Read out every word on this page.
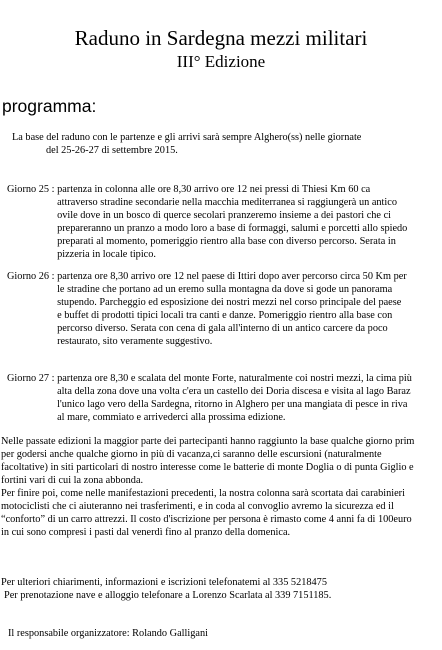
Raduno in Sardegna mezzi militari
III° Edizione
programma:
La base del raduno con le partenze e gli arrivi sarà sempre Alghero(ss) nelle giornate
del 25-26-27 di settembre 2015.
Giorno 25 : partenza in colonna alle ore 8,30 arrivo ore 12 nei pressi di Thiesi Km 60 ca
attraverso stradine secondarie nella macchia mediterranea si raggiungerà un antico
ovile dove in un bosco di querce secolari pranzeremo insieme a dei pastori che ci
prepareranno un pranzo a modo loro a base di formaggi, salumi e porcetti allo spiedo
preparati al momento, pomeriggio rientro alla base con diverso percorso. Serata in
pizzeria in locale tipico.
Giorno 26 : partenza ore 8,30 arrivo ore 12 nel paese di Ittiri dopo aver percorso circa 50 Km per
le stradine che portano ad un eremo sulla montagna da dove si gode un panorama
stupendo. Parcheggio ed esposizione dei nostri mezzi nel corso principale del paese
e buffet di prodotti tipici locali tra canti e danze. Pomeriggio rientro alla base con
percorso diverso. Serata con cena di gala all'interno di un antico carcere da poco
restaurato, sito veramente suggestivo.
Giorno 27 : partenza ore 8,30 e scalata del monte Forte, naturalmente coi nostri mezzi, la cima più
alta della zona dove una volta c'era un castello dei Doria discesa e visita al lago Baraz
l'unico lago vero della Sardegna, ritorno in Alghero per una mangiata di pesce in riva
al mare, commiato e arrivederci alla prossima edizione.
Nelle passate edizioni la maggior parte dei partecipanti hanno raggiunto la base qualche giorno prim
per godersi anche qualche giorno in più di vacanza,ci saranno delle escursioni (naturalmente
facoltative) in siti particolari di nostro interesse come le batterie di monte Doglia o di punta Giglio e
fortini vari di cui la zona abbonda.
Per finire poi, come nelle manifestazioni precedenti, la nostra colonna sarà scortata dai carabinieri
motociclisti che ci aiuteranno nei trasferimenti, e in coda al convoglio avremo la sicurezza ed il
“conforto” di un carro attrezzi. Il costo d'iscrizione per persona è rimasto come 4 anni fa di 100euro
in cui sono compresi i pasti dal venerdì fino al pranzo della domenica.
Per ulteriori chiarimenti, informazioni e iscrizioni telefonatemi al 335 5218475
Per prenotazione nave e alloggio telefonare a Lorenzo Scarlata al 339 7151185.
Il responsabile organizzatore: Rolando Galligani
